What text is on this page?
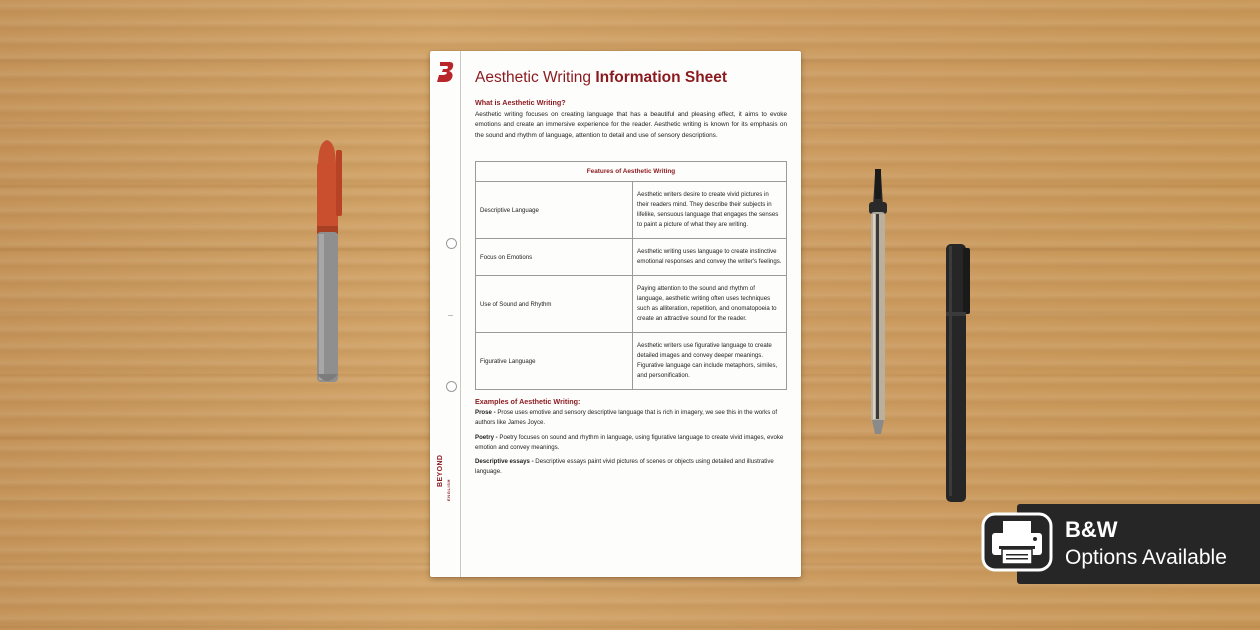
BEYOND
ENGLISH
Aesthetic Writing Information Sheet
What is Aesthetic Writing?
Aesthetic writing focuses on creating language that has a beautiful and pleasing effect, it aims to evoke emotions and create an immersive experience for the reader. Aesthetic writing is known for its emphasis on the sound and rhythm of language, attention to detail and use of sensory descriptions.
Features of Aesthetic Writing	
Descriptive Language	Aesthetic writers desire to create vivid pictures in their readers mind. They describe their subjects in lifelike, sensuous language that engages the senses to paint a picture of what they are writing.
Focus on Emotions	Aesthetic writing uses language to create instinctive emotional responses and convey the writer's feelings.
Use of Sound and Rhythm	Paying attention to the sound and rhythm of language, aesthetic writing often uses techniques such as alliteration, repetition, and onomatopoeia to create an attractive sound for the reader.
Figurative Language	Aesthetic writers use figurative language to create detailed images and convey deeper meanings. Figurative language can include metaphors, similes, and personification.
Examples of Aesthetic Writing:
Prose - Prose uses emotive and sensory descriptive language that is rich in imagery, we see this in the works of authors like James Joyce.
Poetry - Poetry focuses on sound and rhythm in language, using figurative language to create vivid images, evoke emotion and convey meanings.
Descriptive essays - Descriptive essays paint vivid pictures of scenes or objects using detailed and illustrative language.
B&W
Options Available
